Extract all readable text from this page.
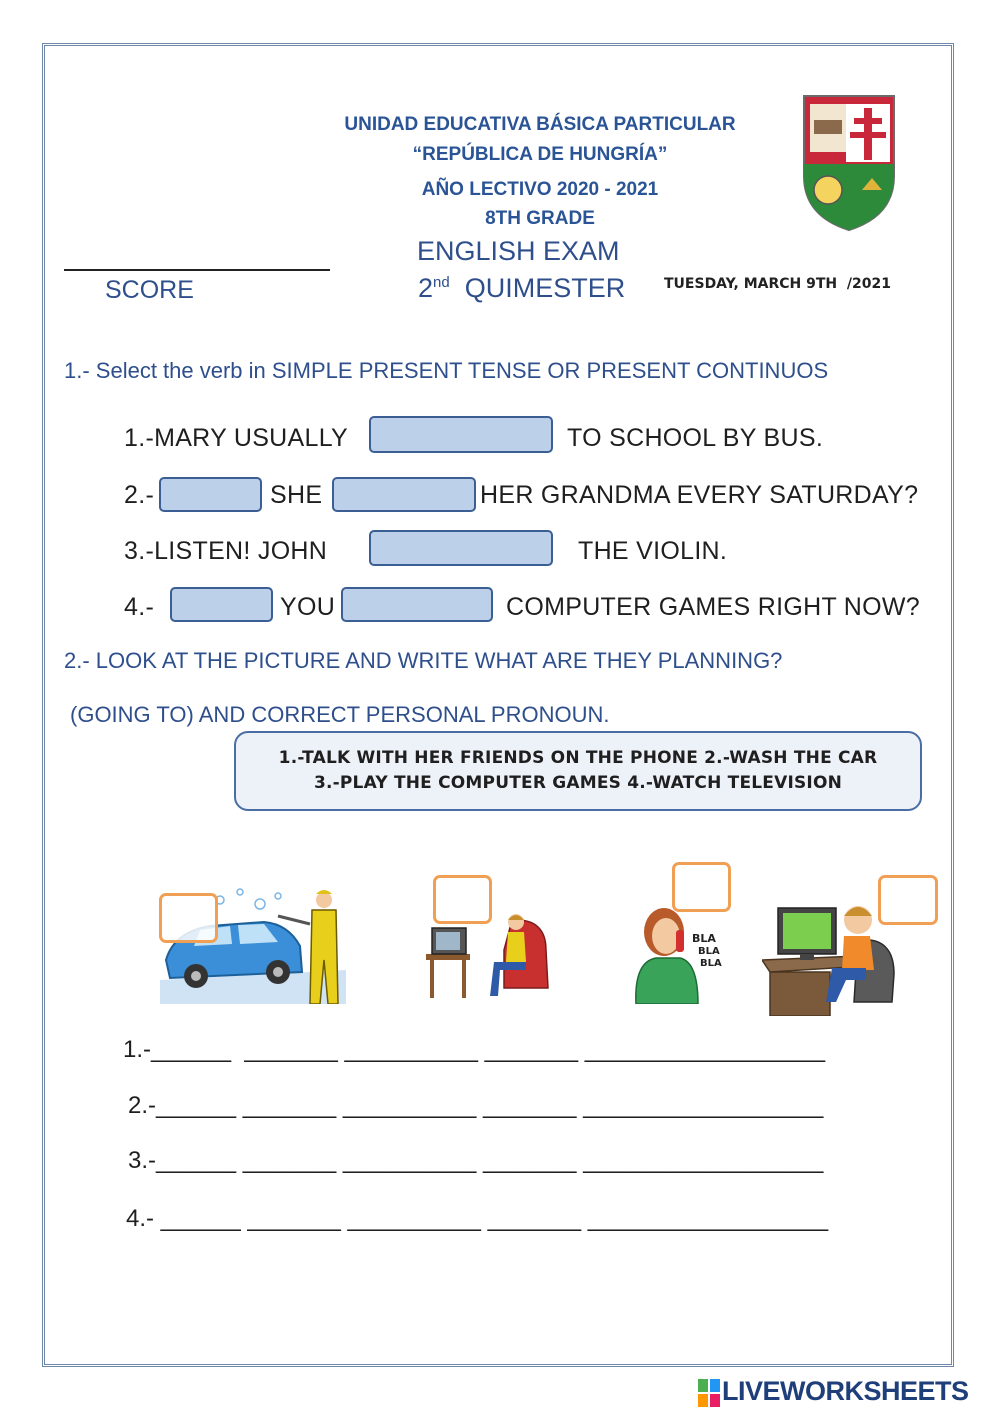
UNIDAD EDUCATIVA BÁSICA PARTICULAR
“REPÚBLICA DE HUNGRÍA”
AÑO LECTIVO 2020 - 2021
8TH GRADE
SCORE
ENGLISH EXAM
2nd QUIMESTER	TUESDAY, MARCH 9TH  /2021
1.- Select the verb in SIMPLE PRESENT TENSE OR PRESENT CONTINUOS
1.-MARY USUALLY	TO SCHOOL BY BUS.
2.-	SHE	HER GRANDMA EVERY SATURDAY?
3.-LISTEN! JOHN	THE VIOLIN.
4.-	YOU	COMPUTER GAMES RIGHT NOW?
2.- LOOK AT THE PICTURE AND WRITE WHAT ARE THEY PLANNING?
(GOING TO) AND CORRECT PERSONAL PRONOUN.
1.-TALK WITH HER FRIENDS ON THE PHONE 2.-WASH THE CAR
3.-PLAY THE COMPUTER GAMES 4.-WATCH TELEVISION
BLA
BLA
BLA
1.-______  _______ __________ _______ __________________
2.-______ _______ __________ _______ __________________
3.-______ _______ __________ _______ __________________
4.- ______ _______ __________ _______ __________________
LIVEWORKSHEETS
